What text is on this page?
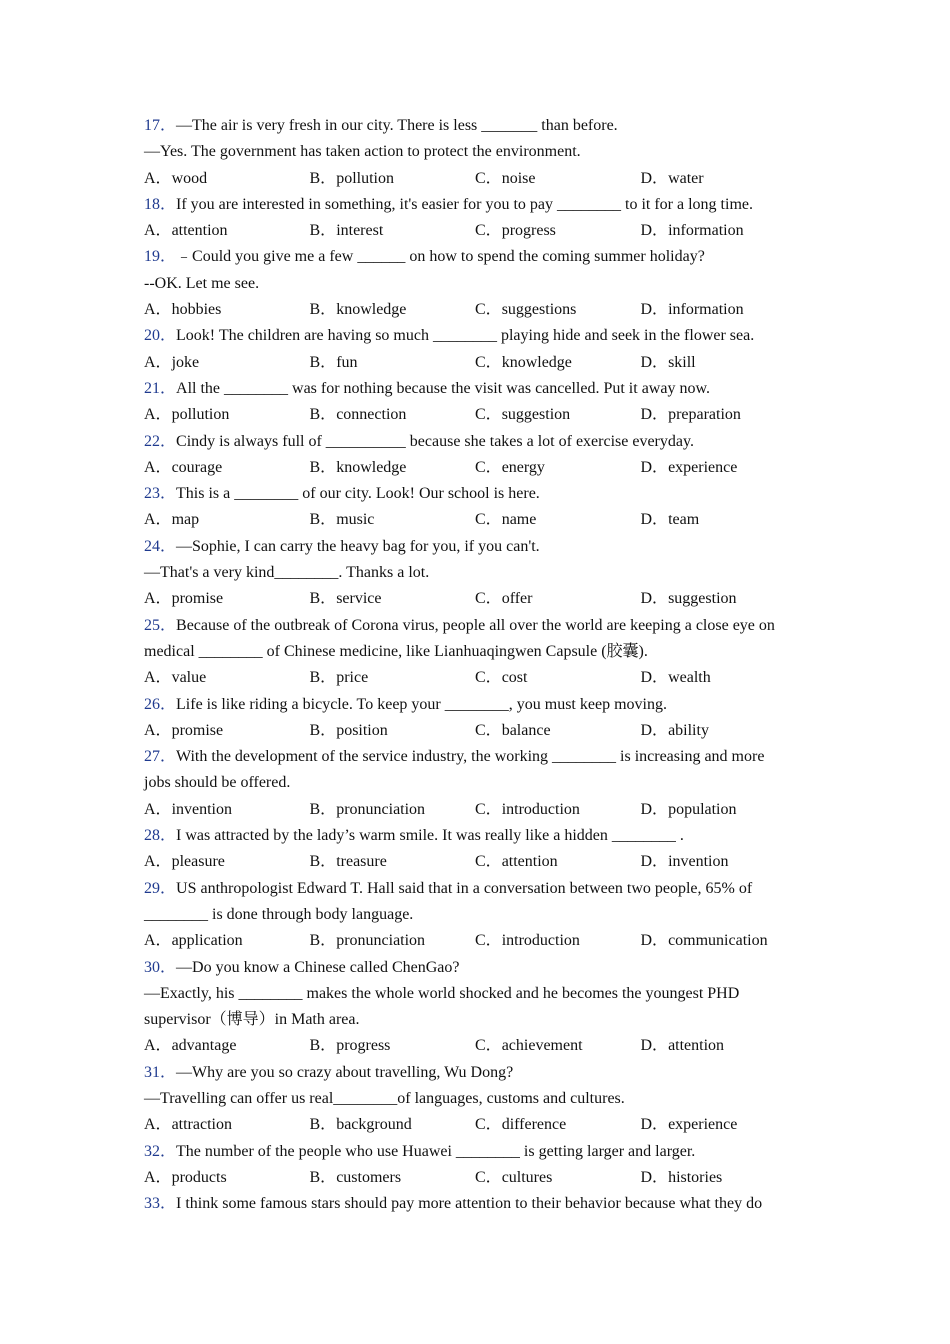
17．—The air is very fresh in our city. There is less _______ than before.
—Yes. The government has taken action to protect the environment.
A．wood	B．pollution	C．noise	D．water
18．If you are interested in something, it's easier for you to pay ________ to it for a long time.
A．attention	B．interest	C．progress	D．information
19．﹣Could you give me a few ______ on how to spend the coming summer holiday?
--OK. Let me see.
A．hobbies	B．knowledge	C．suggestions	D．information
20．Look! The children are having so much ________ playing hide and seek in the flower sea.
A．joke	B．fun	C．knowledge	D．skill
21．All the ________ was for nothing because the visit was cancelled. Put it away now.
A．pollution	B．connection	C．suggestion	D．preparation
22．Cindy is always full of __________ because she takes a lot of exercise everyday.
A．courage	B．knowledge	C．energy	D．experience
23．This is a ________ of our city. Look! Our school is here.
A．map	B．music	C．name	D．team
24．—Sophie, I can carry the heavy bag for you, if you can't.
—That's a very kind________. Thanks a lot.
A．promise	B．service	C．offer	D．suggestion
25．Because of the outbreak of Corona virus, people all over the world are keeping a close eye on
medical ________ of Chinese medicine, like Lianhuaqingwen Capsule (胶囊).
A．value	B．price	C．cost	D．wealth
26．Life is like riding a bicycle. To keep your ________, you must keep moving.
A．promise	B．position	C．balance	D．ability
27．With the development of the service industry, the working ________ is increasing and more
jobs should be offered.
A．invention	B．pronunciation	C．introduction	D．population
28．I was attracted by the lady’s warm smile. It was really like a hidden ________ .
A．pleasure	B．treasure	C．attention	D．invention
29．US anthropologist Edward T. Hall said that in a conversation between two people, 65% of
________ is done through body language.
A．application	B．pronunciation	C．introduction	D．communication
30．—Do you know a Chinese called ChenGao?
—Exactly, his ________ makes the whole world shocked and he becomes the youngest PHD
supervisor（博导）in Math area.
A．advantage	B．progress	C．achievement	D．attention
31．—Why are you so crazy about travelling, Wu Dong?
—Travelling can offer us real________of languages, customs and cultures.
A．attraction	B．background	C．difference	D．experience
32．The number of the people who use Huawei ________ is getting larger and larger.
A．products	B．customers	C．cultures	D．histories
33．I think some famous stars should pay more attention to their behavior because what they do
